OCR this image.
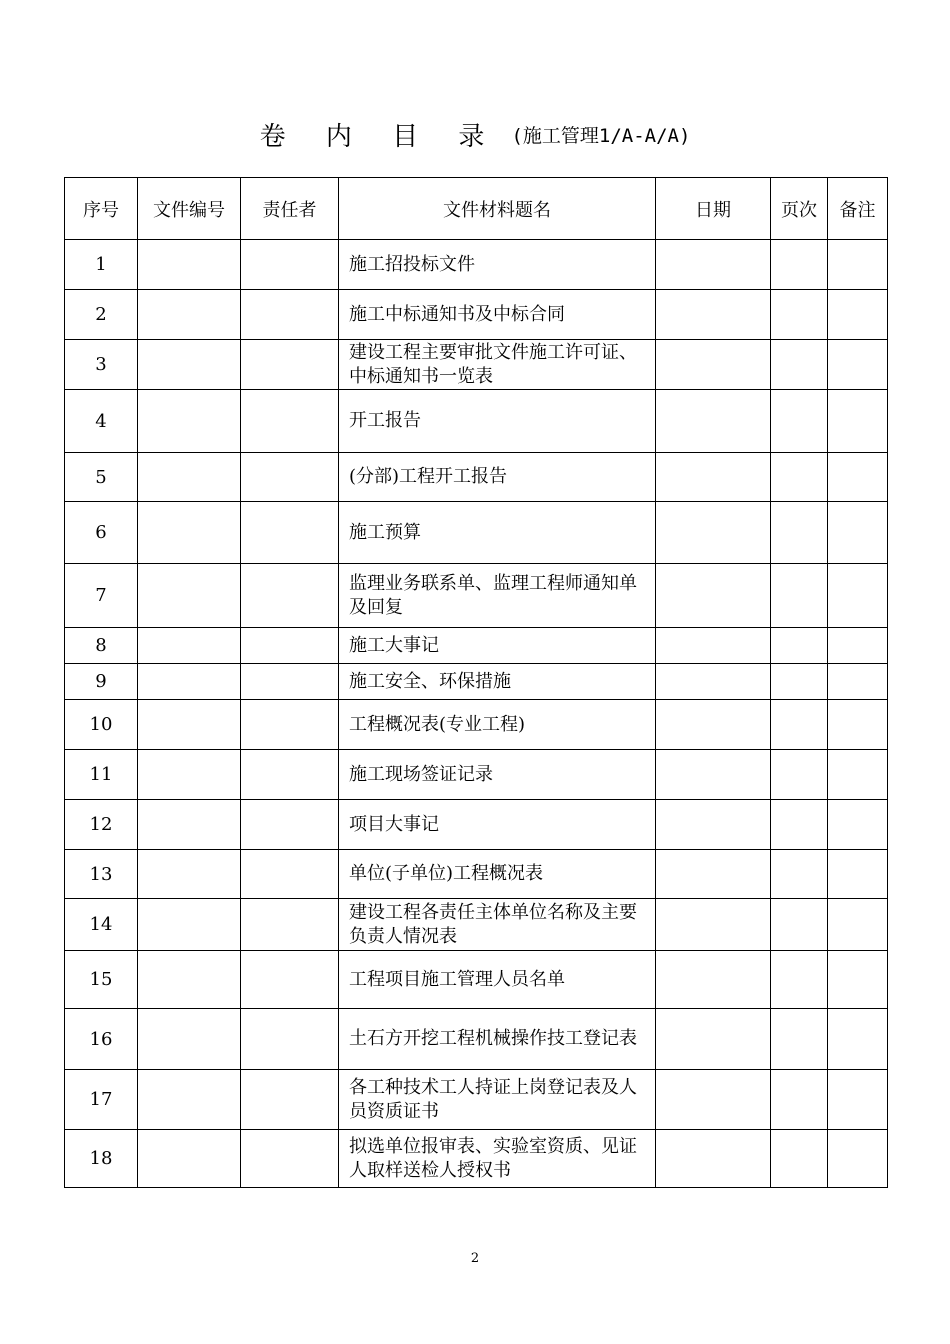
卷 内 目 录 (施工管理1/A-A/A)
序号	文件编号	责任者	文件材料题名	日期	页次	备注
1			施工招投标文件			
2			施工中标通知书及中标合同			
3			建设工程主要审批文件施工许可证、中标通知书一览表			
4			开工报告			
5			(分部)工程开工报告			
6			施工预算			
7			监理业务联系单、监理工程师通知单及回复			
8			施工大事记			
9			施工安全、环保措施			
10			工程概况表(专业工程)			
11			施工现场签证记录			
12			项目大事记			
13			单位(子单位)工程概况表			
14			建设工程各责任主体单位名称及主要负责人情况表			
15			工程项目施工管理人员名单			
16			土石方开挖工程机械操作技工登记表			
17			各工种技术工人持证上岗登记表及人员资质证书			
18			拟选单位报审表、实验室资质、见证人取样送检人授权书			
2
